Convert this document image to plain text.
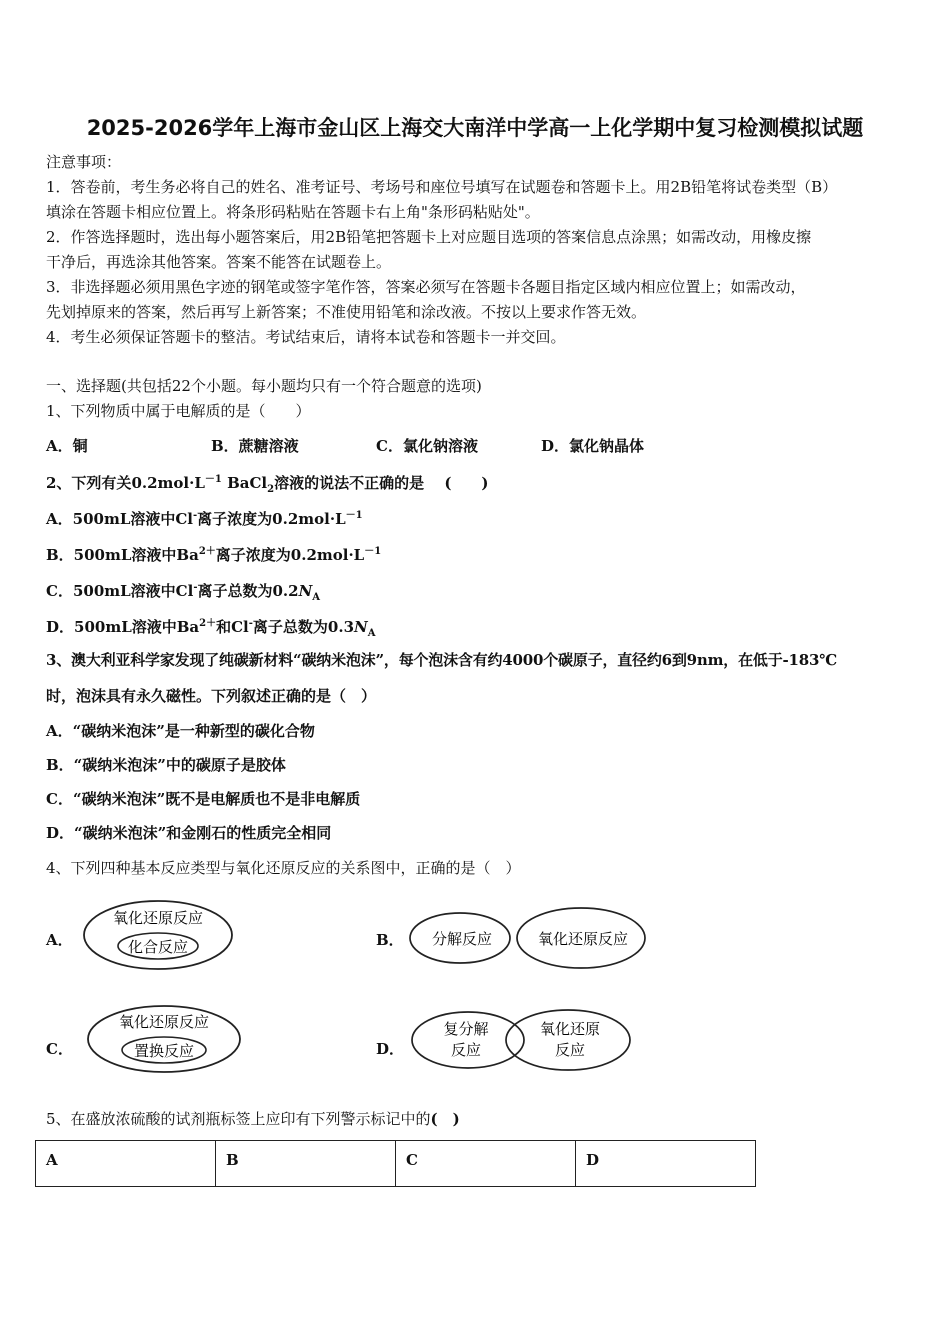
2025-2026学年上海市金山区上海交大南洋中学高一上化学期中复习检测模拟试题
注意事项：
1．答卷前，考生务必将自己的姓名、准考证号、考场号和座位号填写在试题卷和答题卡上。用2B铅笔将试卷类型（B）
填涂在答题卡相应位置上。将条形码粘贴在答题卡右上角"条形码粘贴处"。
2．作答选择题时，选出每小题答案后，用2B铅笔把答题卡上对应题目选项的答案信息点涂黑；如需改动，用橡皮擦
干净后，再选涂其他答案。答案不能答在试题卷上。
3．非选择题必须用黑色字迹的钢笔或签字笔作答，答案必须写在答题卡各题目指定区域内相应位置上；如需改动，
先划掉原来的答案，然后再写上新答案；不准使用铅笔和涂改液。不按以上要求作答无效。
4．考生必须保证答题卡的整洁。考试结束后，请将本试卷和答题卡一并交回。
一、选择题(共包括22个小题。每小题均只有一个符合题意的选项)
1、下列物质中属于电解质的是（　　）
A．铜	B．蔗糖溶液	C．氯化钠溶液	D．氯化钠晶体
2、下列有关$0.2mol\cdot L^{-1}$ BaCl$_2$溶液的说法不正确的是　 (　　)
A．500mL溶液中Cl-离子浓度为$0.2mol\cdot L^{-1}$
B．500mL溶液中$Ba^{2+}$离子浓度为$0.2mol\cdot L^{-1}$
C．500mL溶液中Cl-离子总数为$0.2N_A$
D．500mL溶液中$Ba^{2+}$和Cl-离子总数为$0.3N_A$
3、澳大利亚科学家发现了纯碳新材料“碳纳米泡沫”，每个泡沫含有约4000个碳原子，直径约6到9nm，在低于-183℃
时，泡沫具有永久磁性。下列叙述正确的是（　）
A．“碳纳米泡沫”是一种新型的碳化合物
B．“碳纳米泡沫”中的碳原子是胶体
C．“碳纳米泡沫”既不是电解质也不是非电解质
D．“碳纳米泡沫”和金刚石的性质完全相同
4、下列四种基本反应类型与氧化还原反应的关系图中，正确的是（　）
A．
氧化还原反应
化合反应	B． 分解反应	氧化还原反应
C．
氧化还原反应
置换反应	D．
复分解
反应
氧化还原
反应
5、在盛放浓硫酸的试剂瓶标签上应印有下列警示标记中的(　)
A	B	C	D
